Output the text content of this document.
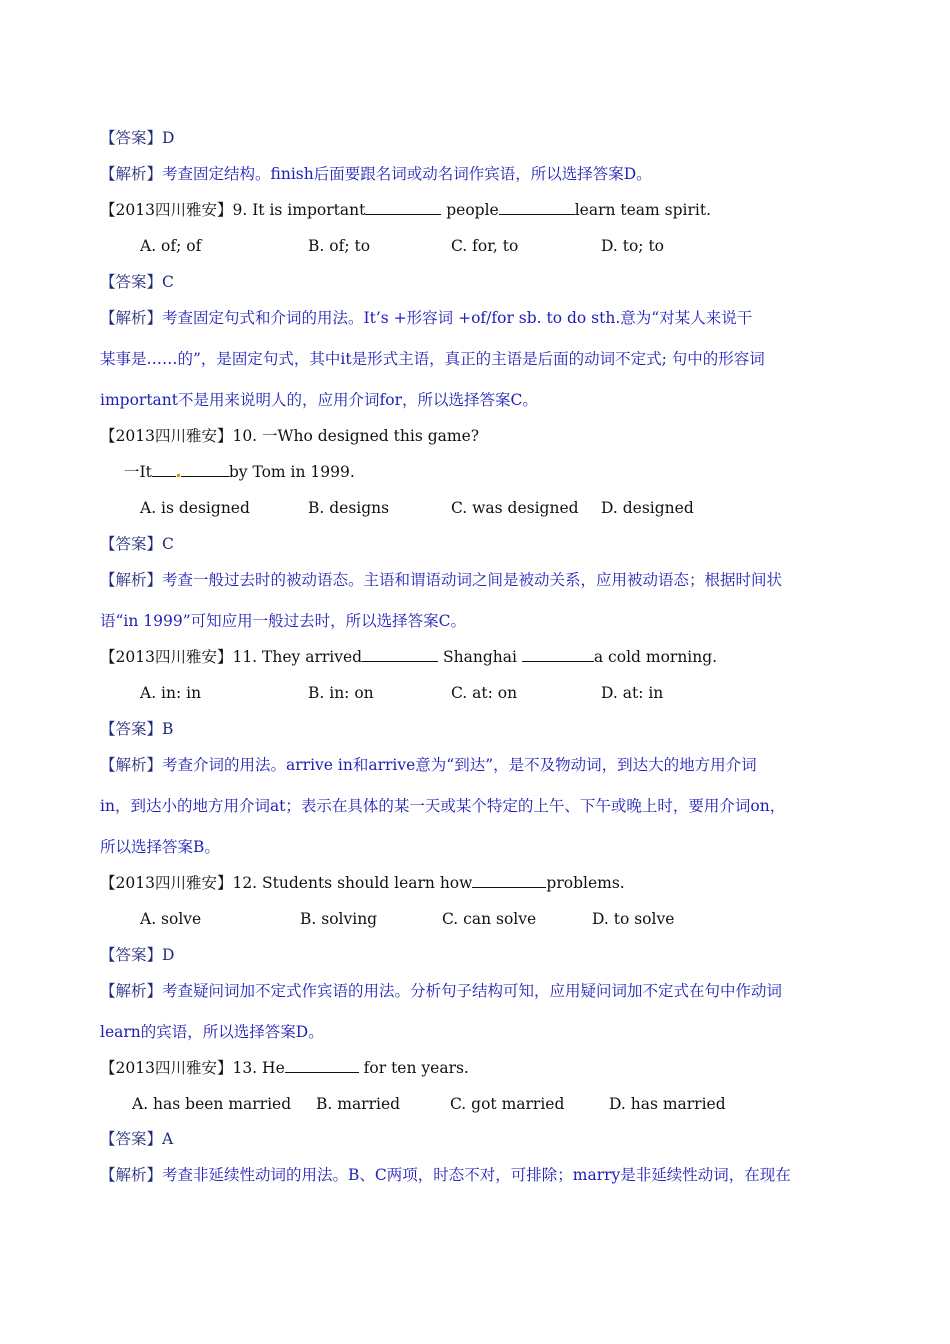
【答案】D
【解析】考查固定结构。finish后面要跟名词或动名词作宾语，所以选择答案D。
【2013四川雅安】9. It is important	people	learn team spirit.
A. of; of	B. of; to	C. for, to	D. to; to
【答案】C
【解析】考查固定句式和介词的用法。It’s +形容词 +of/for sb. to do sth.意为“对某人来说干
某事是……的”，是固定句式，其中it是形式主语，真正的主语是后面的动词不定式; 句中的形容词
important不是用来说明人的，应用介词for，所以选择答案C。
【2013四川雅安】10. 一Who designed this game?
一It	by Tom in 1999.
A. is designed	B. designs	C. was designed D. designed
【答案】C
【解析】考查一般过去时的被动语态。主语和谓语动词之间是被动关系，应用被动语态；根据时间状
语“in 1999”可知应用一般过去时，所以选择答案C。
【2013四川雅安】11. They arrived	Shanghai	a cold morning.
A. in: in	B. in: on	C. at: on	D. at: in
【答案】B
【解析】考查介词的用法。arrive in和arrive意为“到达”，是不及物动词，到达大的地方用介词
in，到达小的地方用介词at；表示在具体的某一天或某个特定的上午、下午或晚上时，要用介词on，
所以选择答案B。
【2013四川雅安】12. Students should learn how	problems.
A. solve	B. solving	C. can solve	D. to solve
【答案】D
【解析】考查疑问词加不定式作宾语的用法。分析句子结构可知，应用疑问词加不定式在句中作动词
learn的宾语，所以选择答案D。
【2013四川雅安】13. He	for ten years.
A. has been married B. married	C. got married	D. has married
【答案】A
【解析】考查非延续性动词的用法。B、C两项，时态不对，可排除；marry是非延续性动词，在现在
